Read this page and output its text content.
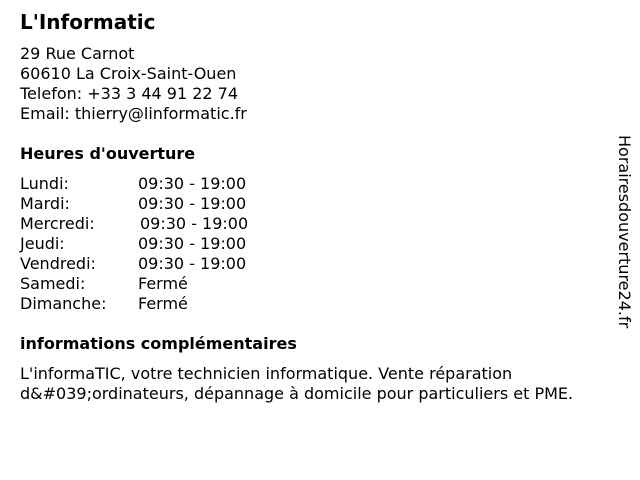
L'Informatic
29 Rue Carnot
60610 La Croix-Saint-Ouen
Telefon: +33 3 44 91 22 74
Email: thierry@linformatic.fr
Heures d'ouverture
Lundi:	09:30 - 19:00
Mardi:	09:30 - 19:00
Mercredi:	09:30 - 19:00
Jeudi:	09:30 - 19:00
Vendredi:	09:30 - 19:00
Samedi:	Fermé
Dimanche: Fermé
informations complémentaires
L'informaTIC, votre technicien informatique. Vente réparation d&#039;ordinateurs, dépannage à domicile pour particuliers et PME.
Horairesdouverture24.fr
